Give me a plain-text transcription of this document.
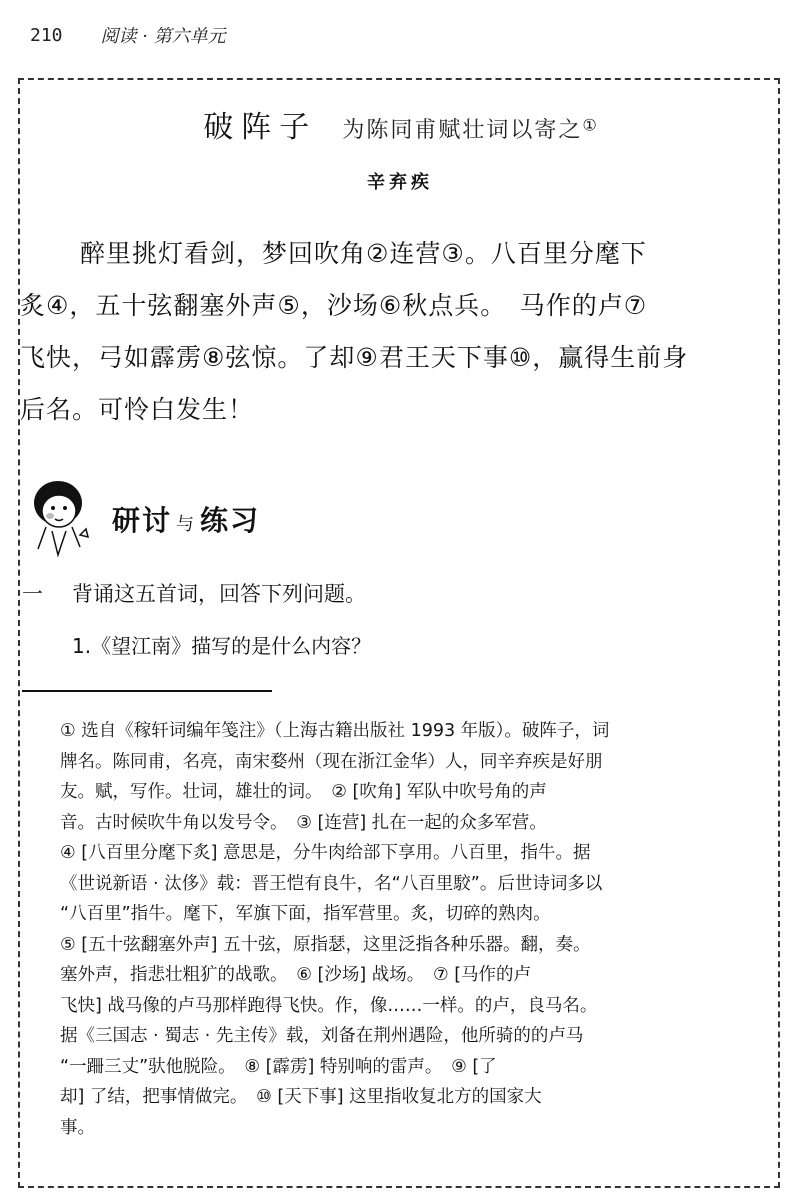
210 阅读 · 第六单元
破阵子 为陈同甫赋壮词以寄之①
辛弃疾
醉里挑灯看剑，梦回吹角②连营③。八百里分麾下
炙④，五十弦翻塞外声⑤，沙场⑥秋点兵。　马作的卢⑦
飞快，弓如霹雳⑧弦惊。了却⑨君王天下事⑩，赢得生前身
后名。可怜白发生！
研讨 与 练习
一 背诵这五首词，回答下列问题。
1.《望江南》描写的是什么内容？
① 选自《稼轩词编年笺注》（上海古籍出版社 1993 年版）。破阵子，词
牌名。陈同甫，名亮，南宋婺州（现在浙江金华）人，同辛弃疾是好朋
友。赋，写作。壮词，雄壮的词。　② [吹角] 军队中吹号角的声
音。古时候吹牛角以发号令。　③ [连营] 扎在一起的众多军营。
④ [八百里分麾下炙] 意思是，分牛肉给部下享用。八百里，指牛。据
《世说新语 · 汰侈》载：晋王恺有良牛，名“八百里駮”。后世诗词多以
“八百里”指牛。麾下，军旗下面，指军营里。炙，切碎的熟肉。
⑤ [五十弦翻塞外声] 五十弦，原指瑟，这里泛指各种乐器。翻，奏。
塞外声，指悲壮粗犷的战歌。　⑥ [沙场] 战场。　⑦ [马作的卢
飞快] 战马像的卢马那样跑得飞快。作，像……一样。的卢，良马名。
据《三国志 · 蜀志 · 先主传》载，刘备在荆州遇险，他所骑的的卢马
“一跚三丈”驮他脱险。　⑧ [霹雳] 特别响的雷声。　⑨ [了
却] 了结，把事情做完。　⑩ [天下事] 这里指收复北方的国家大
事。
